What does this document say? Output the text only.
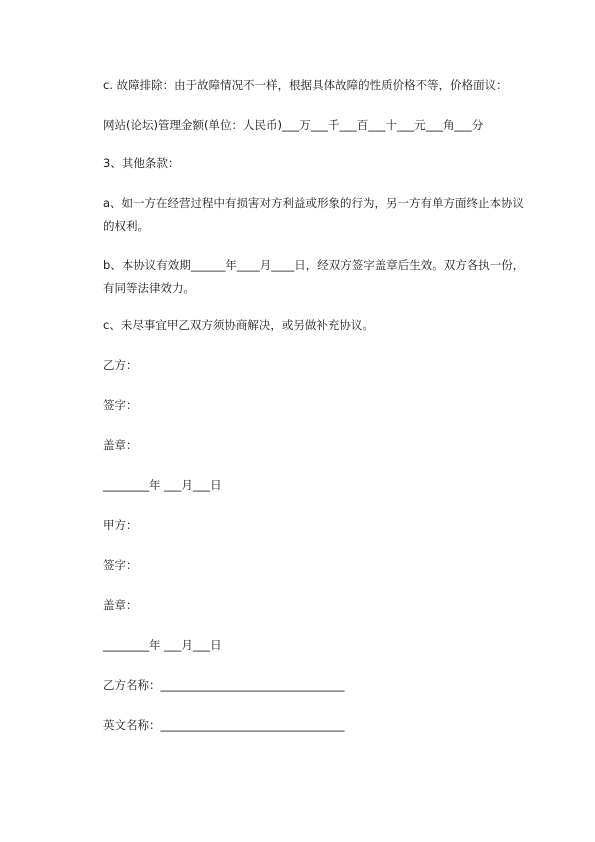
c. 故障排除：由于故障情况不一样，根据具体故障的性质价格不等，价格面议：

网站(论坛)管理金额(单位：人民币)___万___千___百___十___元___角___分

3、其他条款：

a、如一方在经营过程中有损害对方利益或形象的行为，另一方有单方面终止本协议的权利。

b、本协议有效期______年____月____日，经双方签字盖章后生效。双方各执一份，有同等法律效力。

c、未尽事宜甲乙双方须协商解决，或另做补充协议。

乙方：

签字：

盖章：

________年 ___月___日

甲方：

签字：

盖章：

________年 ___月___日

乙方名称：________________________________

英文名称：________________________________
